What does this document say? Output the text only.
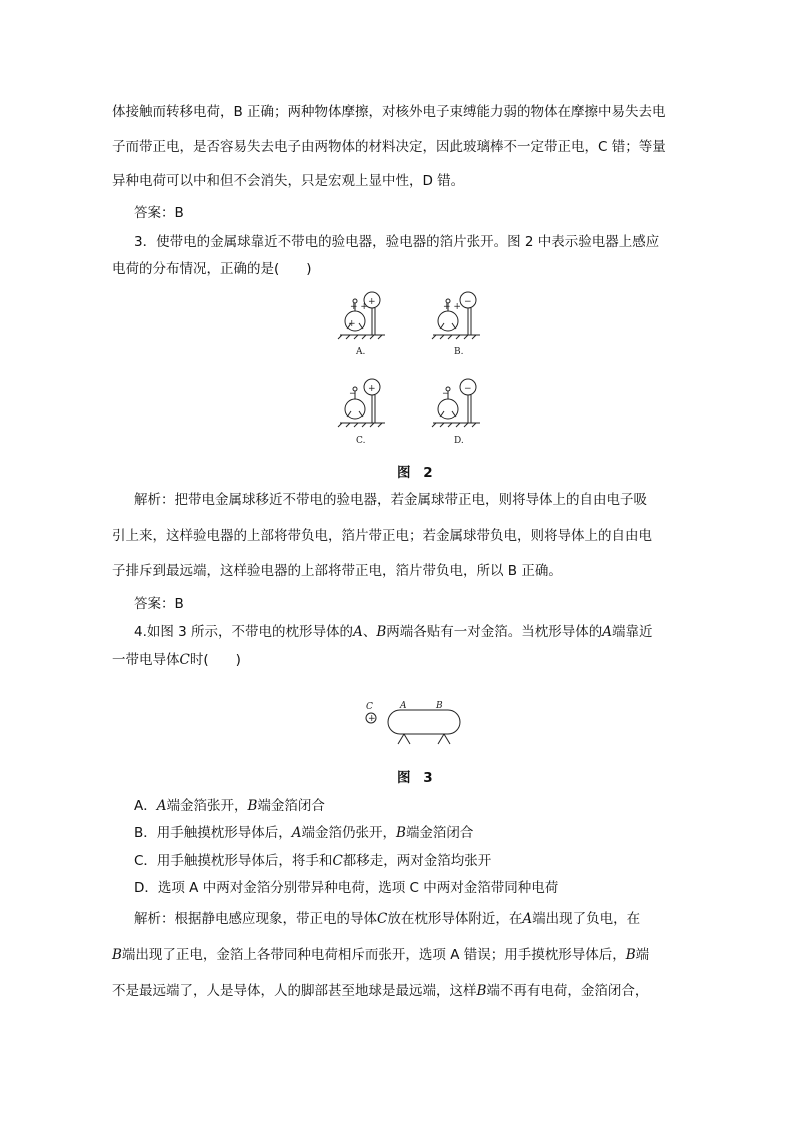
体接触而转移电荷，B 正确；两种物体摩擦，对核外电子束缚能力弱的物体在摩擦中易失去电
子而带正电，是否容易失去电子由两物体的材料决定，因此玻璃棒不一定带正电，C 错；等量
异种电荷可以中和但不会消失，只是宏观上显中性，D 错。
答案：B
3．使带电的金属球靠近不带电的验电器，验电器的箔片张开。图 2 中表示验电器上感应
电荷的分布情况，正确的是(　　)
+ +
+
+
A.
+ + −
B.
− +
C.
− −
D.
图 2
解析：把带电金属球移近不带电的验电器，若金属球带正电，则将导体上的自由电子吸
引上来，这样验电器的上部将带负电，箔片带正电；若金属球带负电，则将导体上的自由电
子排斥到最远端，这样验电器的上部将带正电，箔片带负电，所以 B 正确。
答案：B
4.如图 3 所示，不带电的枕形导体的A、B两端各贴有一对金箔。当枕形导体的A端靠近
一带电导体C时(　　)
C
+
A	B
图 3
A．A端金箔张开，B端金箔闭合
B．用手触摸枕形导体后，A端金箔仍张开，B端金箔闭合
C．用手触摸枕形导体后，将手和C都移走，两对金箔均张开
D．选项 A 中两对金箔分别带异种电荷，选项 C 中两对金箔带同种电荷
解析：根据静电感应现象，带正电的导体C放在枕形导体附近，在A端出现了负电，在
B端出现了正电，金箔上各带同种电荷相斥而张开，选项 A 错误；用手摸枕形导体后，B端
不是最远端了，人是导体，人的脚部甚至地球是最远端，这样B端不再有电荷，金箔闭合，
